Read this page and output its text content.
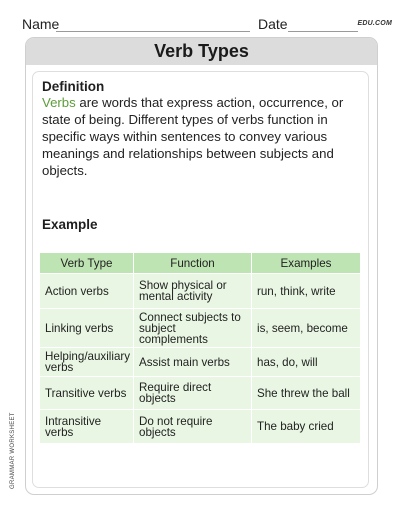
Name	Date	EDU.COM
Verb Types
Definition
Verbs are words that express action, occurrence, or state of being. Different types of verbs function in specific ways within sentences to convey various meanings and relationships between subjects and objects.
Example
Verb Type	Function	Examples
Action verbs	Show physical or mental activity	run, think, write
Linking verbs	Connect subjects to subject complements	is, seem, become
Helping/auxiliary verbs	Assist main verbs	has, do, will
Transitive verbs	Require direct objects	She threw the ball
Intransitive verbs	Do not require objects	The baby cried
GRAMMAR WORKSHEET
